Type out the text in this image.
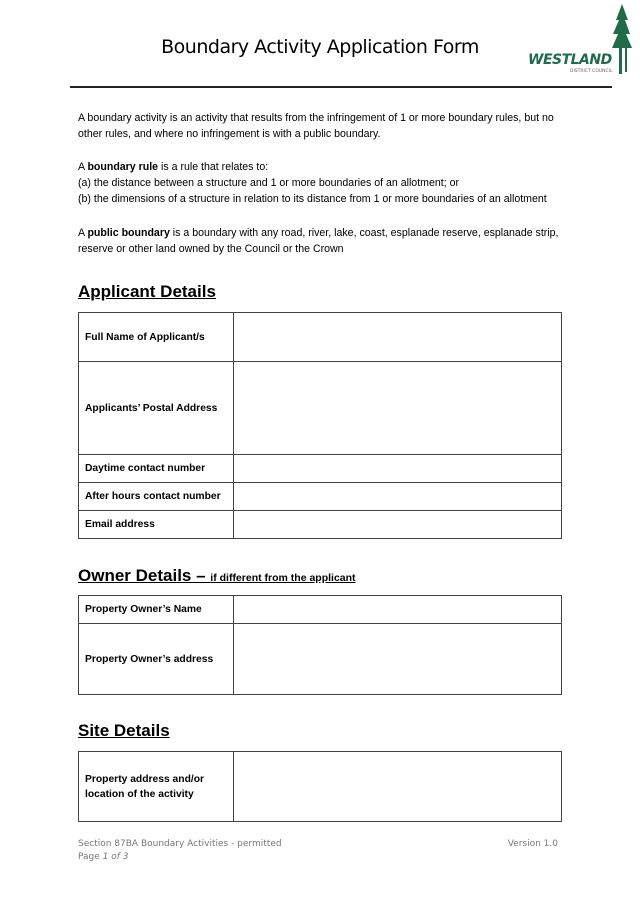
Boundary Activity Application Form
WESTLAND
DISTRICT COUNCIL
A boundary activity is an activity that results from the infringement of 1 or more boundary rules, but no other rules, and where no infringement is with a public boundary.
A boundary rule is a rule that relates to:
(a) the distance between a structure and 1 or more boundaries of an allotment; or
(b) the dimensions of a structure in relation to its distance from 1 or more boundaries of an allotment
A public boundary is a boundary with any road, river, lake, coast, esplanade reserve, esplanade strip, reserve or other land owned by the Council or the Crown
Applicant Details
Full Name of Applicant/s	
Applicants’ Postal Address	
Daytime contact number	
After hours contact number	
Email address	
Owner Details – if different from the applicant
Property Owner’s Name	
Property Owner’s address	
Site Details
Property address and/or location of the activity	
Section 87BA Boundary Activities - permitted	Version 1.0
Page 1 of 3
